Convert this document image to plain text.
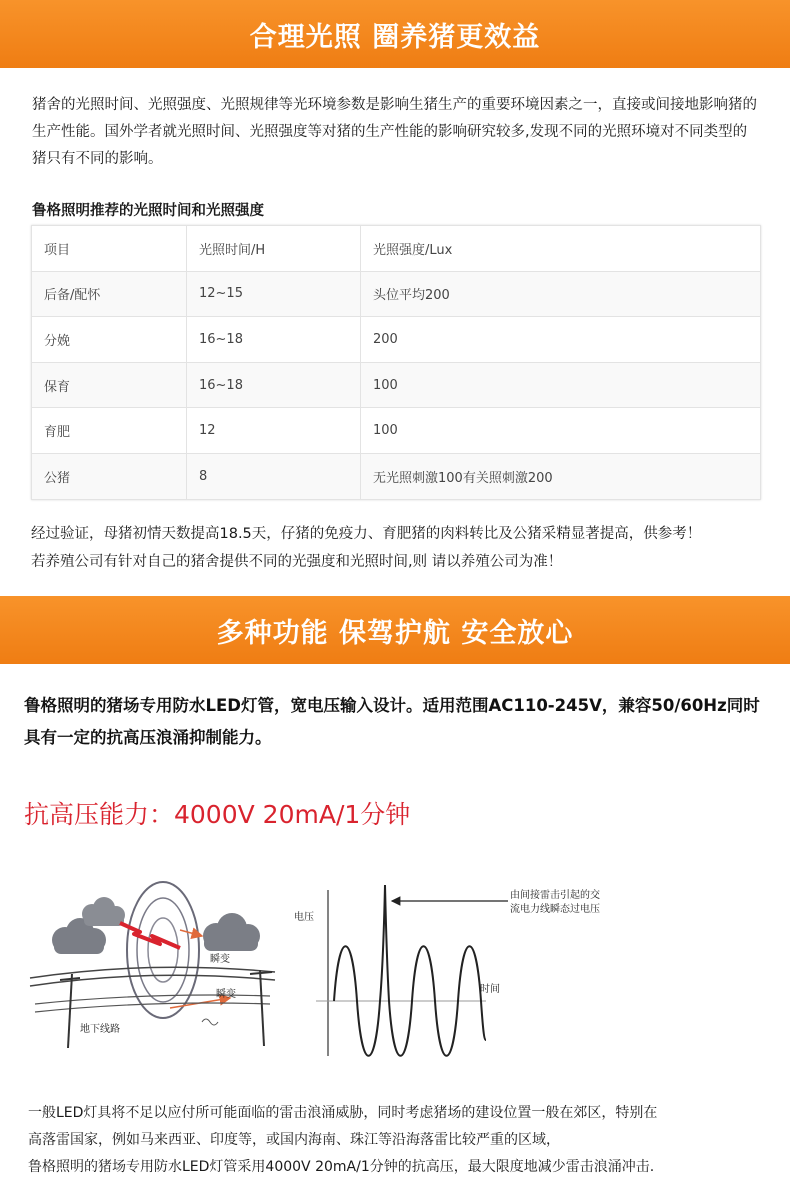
合理光照 圈养猪更效益

猪舍的光照时间、光照强度、光照规律等光环境参数是影响生猪生产的重要环境因素之一，直接或间接地影响猪的生产性能。国外学者就光照时间、光照强度等对猪的生产性能的影响研究较多,发现不同的光照环境对不同类型的猪只有不同的影响。

鲁格照明推荐的光照时间和光照强度
项目	光照时间/H	光照强度/Lux
后备/配怀	12~15	头位平均200
分娩	16~18	200
保育	16~18	100
育肥	12	100
公猪	8	无光照刺激100有关照刺激200
经过验证，母猪初情天数提高18.5天，仔猪的免疫力、育肥猪的肉料转比及公猪采精显著提高，供参考！
若养殖公司有针对自己的猪舍提供不同的光强度和光照时间,则 请以养殖公司为准！
多种功能 保驾护航 安全放心

鲁格照明的猪场专用防水LED灯管，宽电压输入设计。适用范围AC110-245V，兼容50/60Hz同时具有一定的抗高压浪涌抑制能力。

抗高压能力：4000V 20mA/1分钟
瞬变
瞬变
地下线路
电压
时间
由间接雷击引起的交
流电力线瞬态过电压
一般LED灯具将不足以应付所可能面临的雷击浪涌威胁，同时考虑猪场的建设位置一般在郊区，特别在
高落雷国家，例如马来西亚、印度等，或国内海南、珠江等沿海落雷比较严重的区域，
鲁格照明的猪场专用防水LED灯管采用4000V 20mA/1分钟的抗高压，最大限度地减少雷击浪涌冲击.
